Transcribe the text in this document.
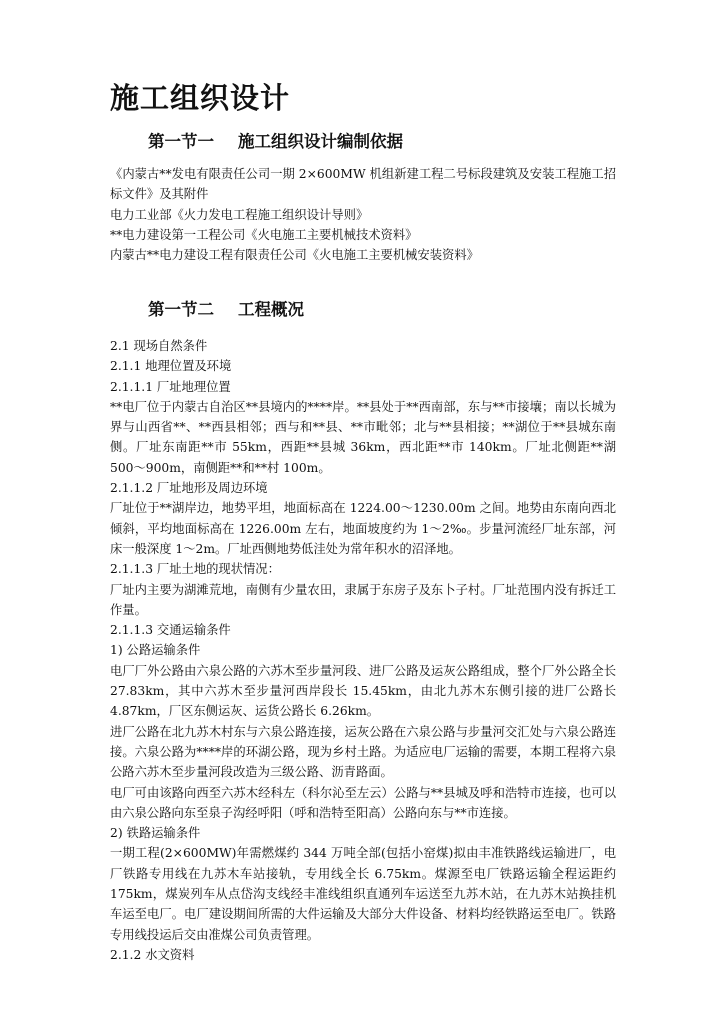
施工组织设计
第一节一 施工组织设计编制依据

《内蒙古**发电有限责任公司一期 2×600MW 机组新建工程二号标段建筑及安装工程施工招标文件》及其附件

电力工业部《火力发电工程施工组织设计导则》

**电力建设第一工程公司《火电施工主要机械技术资料》

内蒙古**电力建设工程有限责任公司《火电施工主要机械安装资料》

第一节二 工程概况

2.1 现场自然条件

2.1.1 地理位置及环境

2.1.1.1 厂址地理位置

**电厂位于内蒙古自治区**县境内的****岸。**县处于**西南部，东与**市接壤；南以长城为界与山西省**、**西县相邻；西与和**县、**市毗邻；北与**县相接；**湖位于**县城东南侧。厂址东南距**市 55km，西距**县城 36km，西北距**市 140km。厂址北侧距**湖 500～900m，南侧距**和**村 100m。

2.1.1.2 厂址地形及周边环境

厂址位于**湖岸边，地势平坦，地面标高在 1224.00～1230.00m 之间。地势由东南向西北倾斜，平均地面标高在 1226.00m 左右，地面坡度约为 1～2‰。步量河流经厂址东部，河床一般深度 1～2m。厂址西侧地势低洼处为常年积水的沼泽地。

2.1.1.3 厂址土地的现状情况：

厂址内主要为湖滩荒地，南侧有少量农田，隶属于东房子及东卜子村。厂址范围内没有拆迁工作量。

2.1.1.3 交通运输条件

1) 公路运输条件

电厂厂外公路由六泉公路的六苏木至步量河段、进厂公路及运灰公路组成，整个厂外公路全长 27.83km，其中六苏木至步量河西岸段长 15.45km，由北九苏木东侧引接的进厂公路长 4.87km，厂区东侧运灰、运货公路长 6.26km。

进厂公路在北九苏木村东与六泉公路连接，运灰公路在六泉公路与步量河交汇处与六泉公路连接。六泉公路为****岸的环湖公路，现为乡村土路。为适应电厂运输的需要，本期工程将六泉公路六苏木至步量河段改造为三级公路、沥青路面。

电厂可由该路向西至六苏木经科左（科尔沁至左云）公路与**县城及呼和浩特市连接，也可以由六泉公路向东至泉子沟经呼阳（呼和浩特至阳高）公路向东与**市连接。

2) 铁路运输条件

一期工程(2×600MW)年需燃煤约 344 万吨全部(包括小窑煤)拟由丰准铁路线运输进厂，电厂铁路专用线在九苏木车站接轨，专用线全长 6.75km。煤源至电厂铁路运输全程运距约 175km，煤炭列车从点岱沟支线经丰准线组织直通列车运送至九苏木站，在九苏木站换挂机车运至电厂。电厂建设期间所需的大件运输及大部分大件设备、材料均经铁路运至电厂。铁路专用线投运后交由准煤公司负责管理。

2.1.2 水文资料
